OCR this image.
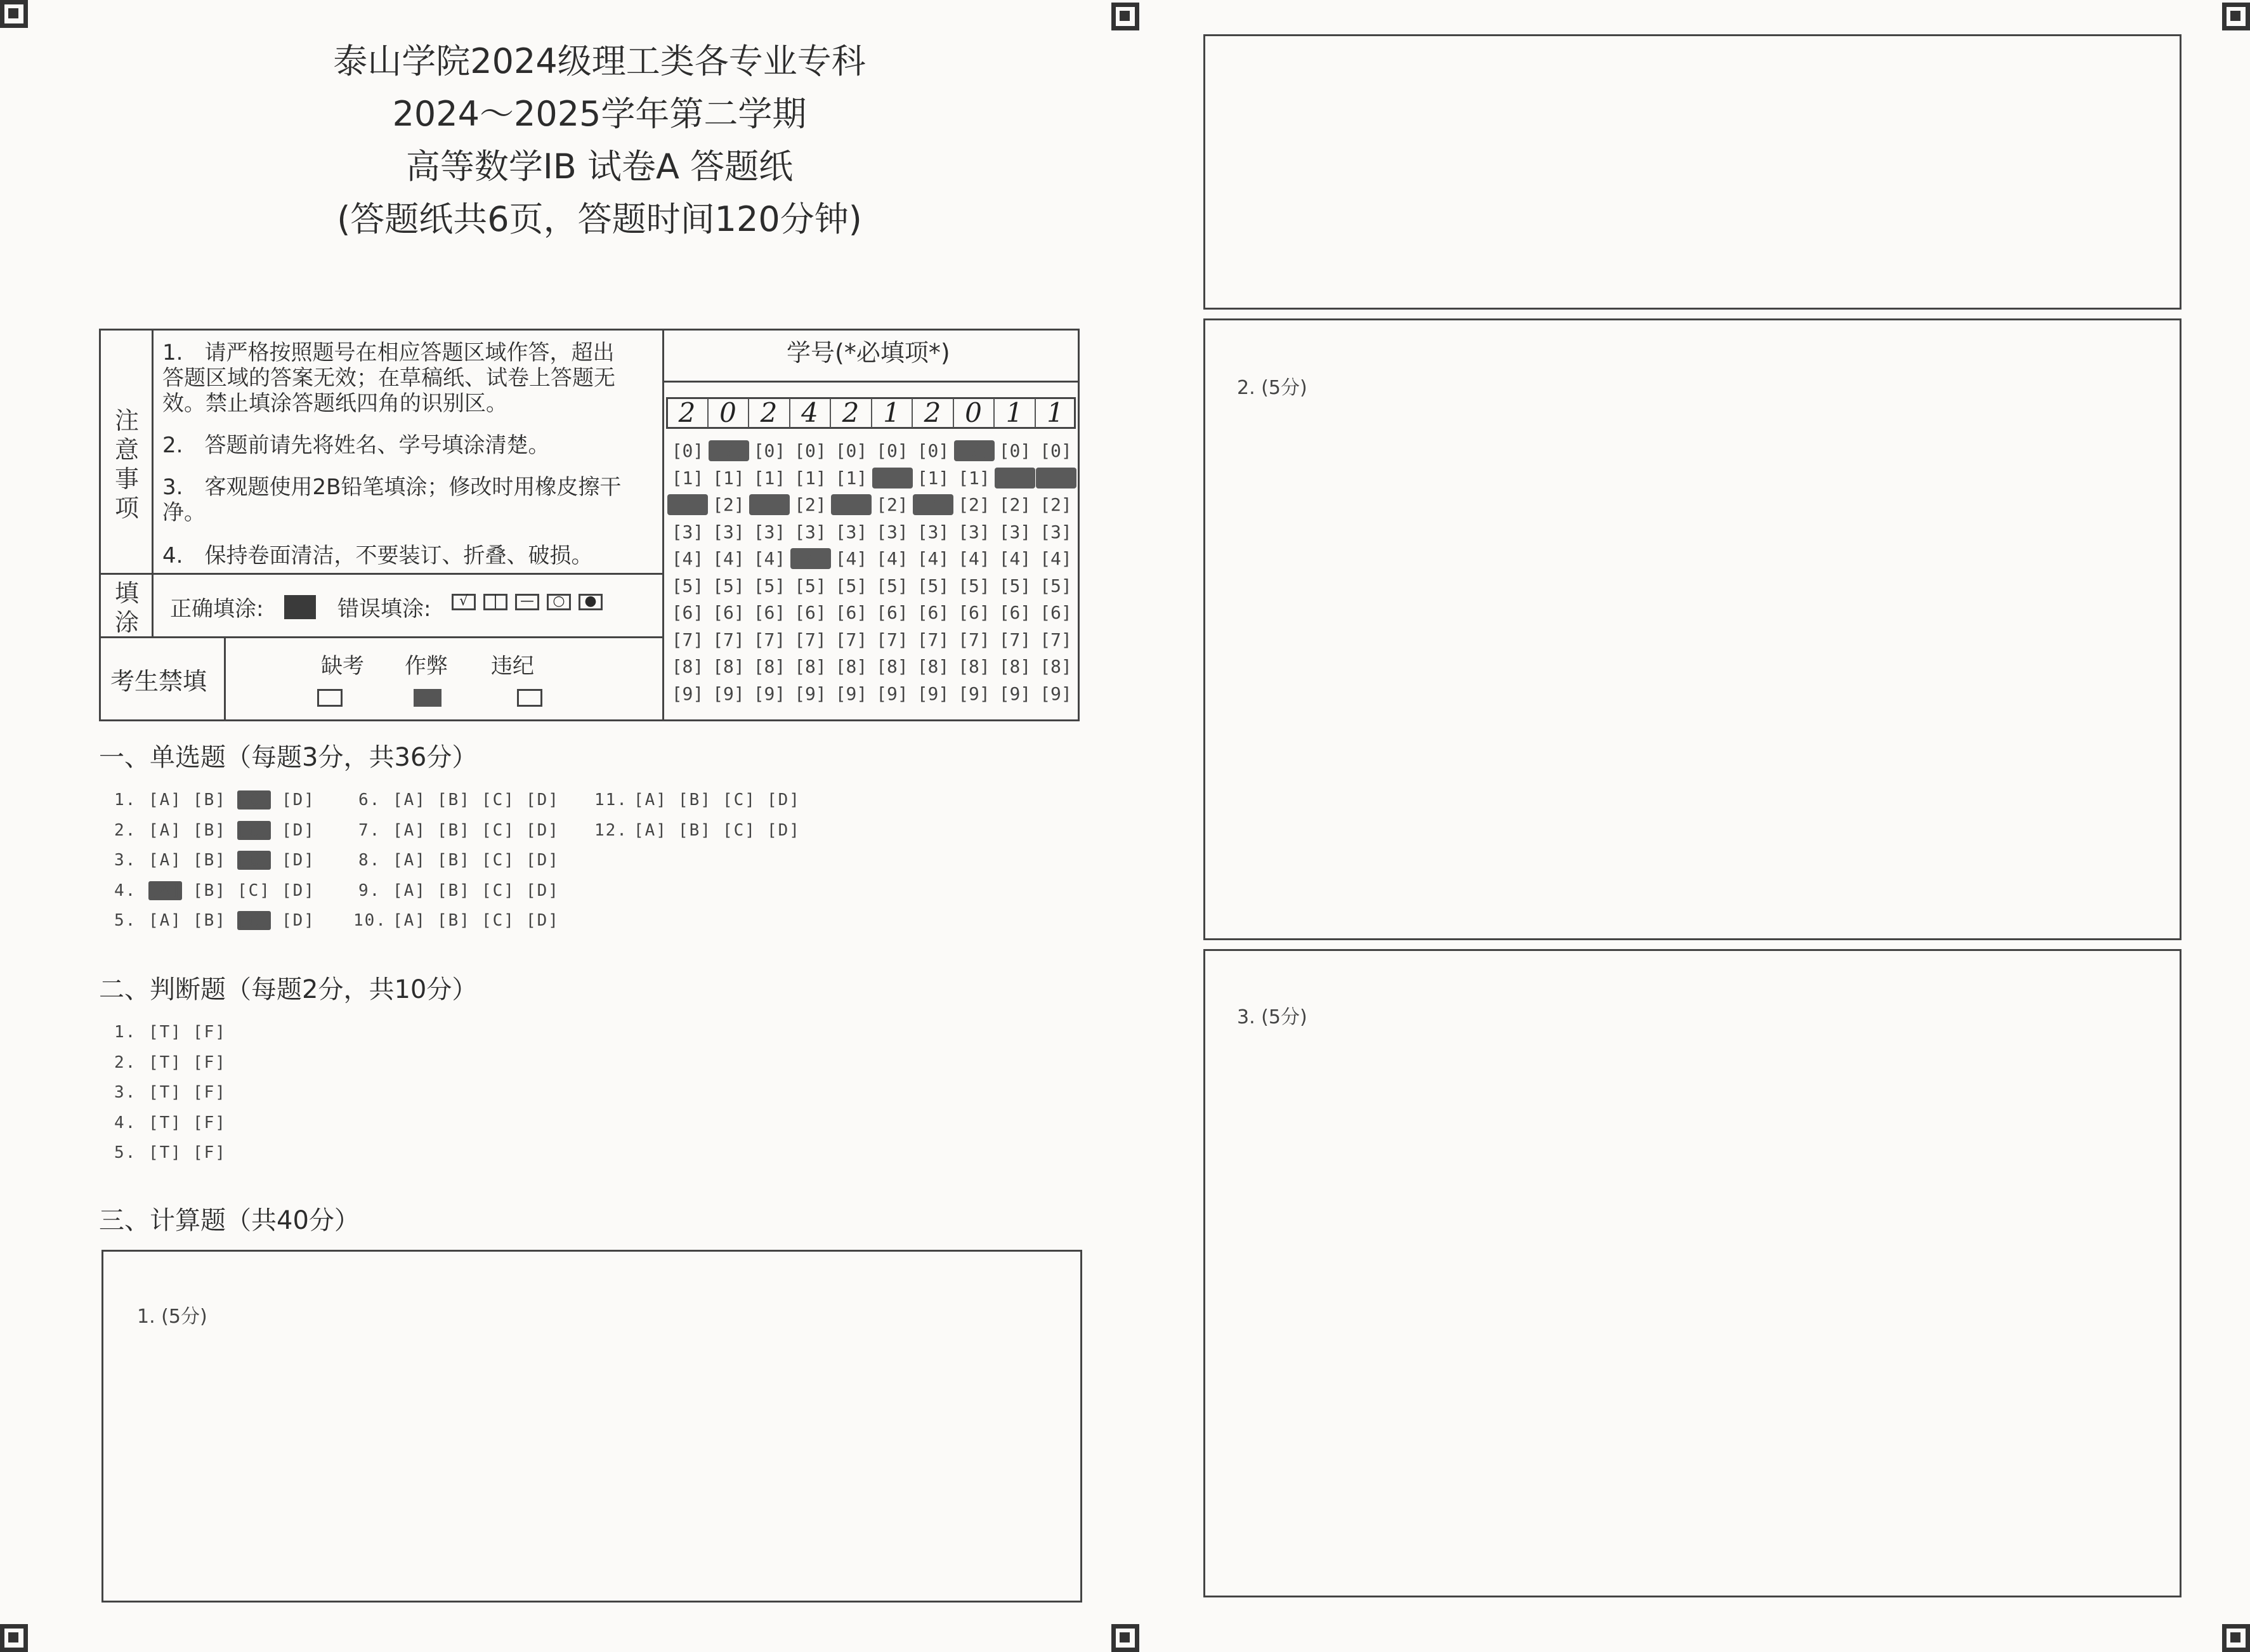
泰山学院2024级理工类各专业专科
2024～2025学年第二学期
高等数学IB 试卷A 答题纸
(答题纸共6页，答题时间120分钟)
注
意
事
项
1.　请严格按照题号在相应答题区域作答，超出答题区域的答案无效；在草稿纸、试卷上答题无效。禁止填涂答题纸四角的识别区。
2.　答题前请先将姓名、学号填涂清楚。
3.　客观题使用2B铅笔填涂；修改时用橡皮擦干净。
4.　保持卷面清洁，不要装订、折叠、破损。
填
涂 正确填涂:	错误填涂:	√ | — ○ ●
考生禁填
缺考 作弊 违纪
学号(*必填项*)
2 0 2 4 2 1 2 0 1 1
[0] [0] [0] [0] [0] [0] [0] [0] [0] [0]
[1] [1] [1] [1] [1] [1] [1] [1] [1] [1]
[2] [2] [2] [2] [2] [2] [2] [2] [2] [2]
[3] [3] [3] [3] [3] [3] [3] [3] [3] [3]
[4] [4] [4] [4] [4] [4] [4] [4] [4] [4]
[5] [5] [5] [5] [5] [5] [5] [5] [5] [5]
[6] [6] [6] [6] [6] [6] [6] [6] [6] [6]
[7] [7] [7] [7] [7] [7] [7] [7] [7] [7]
[8] [8] [8] [8] [8] [8] [8] [8] [8] [8]
[9] [9] [9] [9] [9] [9] [9] [9] [9] [9]
一、单选题（每题3分，共36分）
1. [A] [B] [C] [D]
2. [A] [B] [C] [D]
3. [A] [B] [C] [D]
4. [A] [B] [C] [D]
5. [A] [B] [C] [D]
6. [A] [B] [C] [D]
7. [A] [B] [C] [D]
8. [A] [B] [C] [D]
9. [A] [B] [C] [D]
10. [A] [B] [C] [D]
11. [A] [B] [C] [D]
12. [A] [B] [C] [D]
二、判断题（每题2分，共10分）
1. [T] [F]
2. [T] [F]
3. [T] [F]
4. [T] [F]
5. [T] [F]
三、计算题（共40分）
1. (5分)
2. (5分)
3. (5分)
